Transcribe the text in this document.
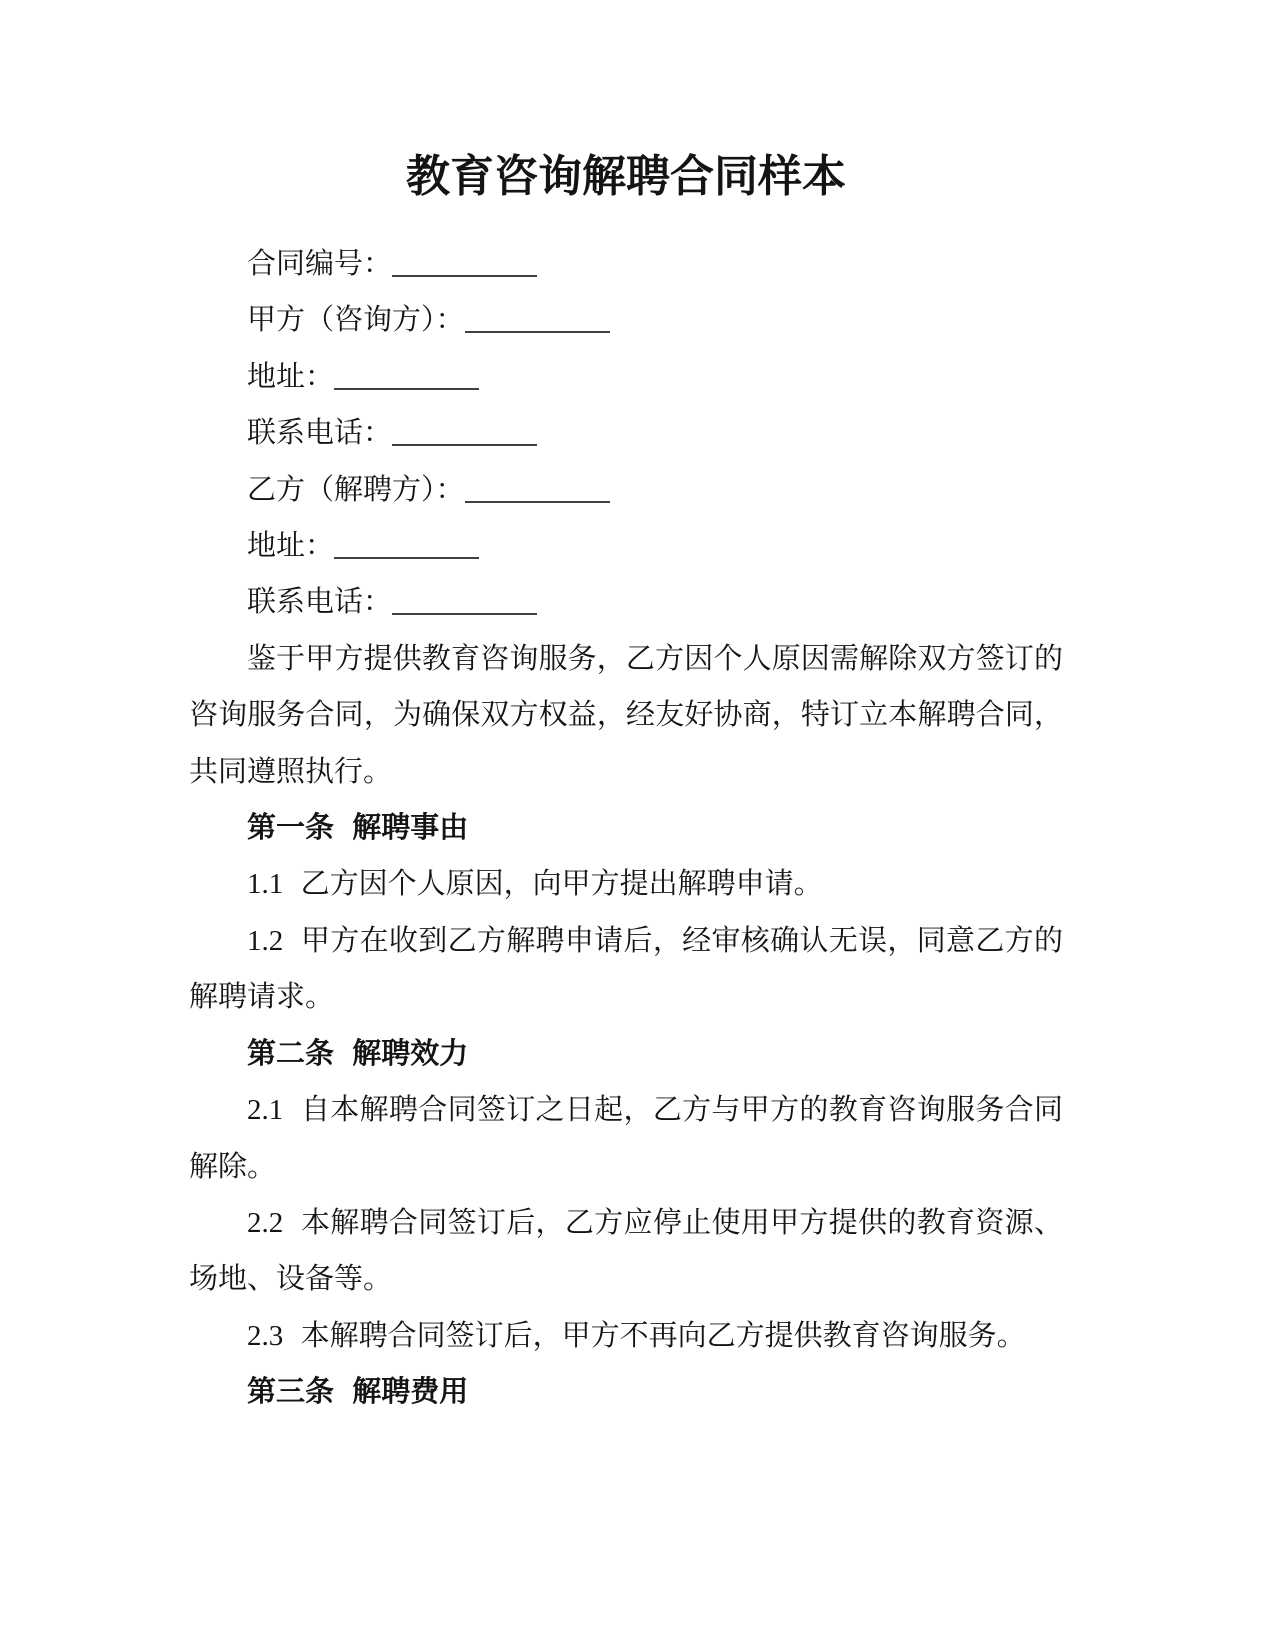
教育咨询解聘合同样本

合同编号：

甲方（咨询方）：

地址：

联系电话：

乙方（解聘方）：

地址：

联系电话：

鉴于甲方提供教育咨询服务，乙方因个人原因需解除双方签订的咨询服务合同，为确保双方权益，经友好协商，特订立本解聘合同，共同遵照执行。

第一条 解聘事由

1.1 乙方因个人原因，向甲方提出解聘申请。

1.2 甲方在收到乙方解聘申请后，经审核确认无误，同意乙方的解聘请求。

第二条 解聘效力

2.1 自本解聘合同签订之日起，乙方与甲方的教育咨询服务合同解除。

2.2 本解聘合同签订后，乙方应停止使用甲方提供的教育资源、场地、设备等。

2.3 本解聘合同签订后，甲方不再向乙方提供教育咨询服务。

第三条 解聘费用
